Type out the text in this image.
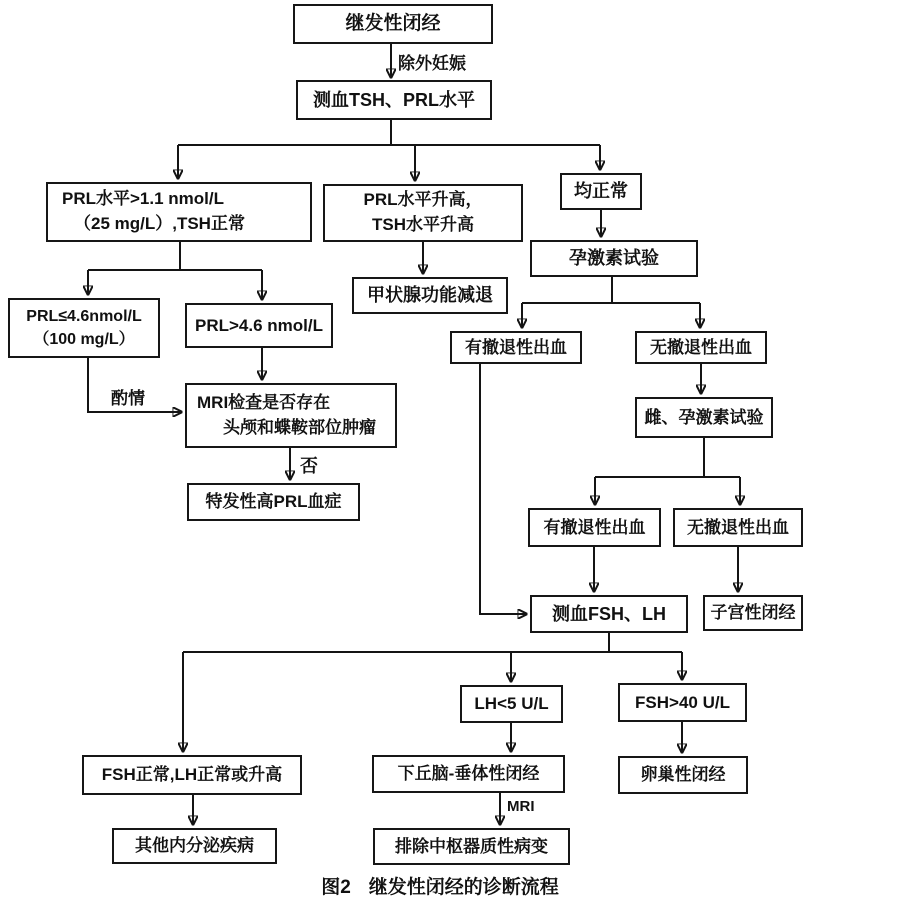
继发性闭经
测血TSH、PRL水平
PRL水平>1.1 nmol/L
（25 mg/L）,TSH正常
PRL水平升高，
TSH水平升高
均正常
甲状腺功能减退
孕激素试验
PRL≤4.6nmol/L
（100 mg/L）
PRL>4.6 nmol/L
MRI检查是否存在
头颅和蝶鞍部位肿瘤
特发性高PRL血症
有撤退性出血	无撤退性出血
雌、孕激素试验
有撤退性出血 无撤退性出血
测血FSH、LH	子宫性闭经
LH<5 U/L	FSH>40 U/L
FSH正常,LH正常或升高	下丘脑-垂体性闭经	卵巢性闭经
其他内分泌疾病	排除中枢器质性病变
除外妊娠
酌情
否
MRI
图2 继发性闭经的诊断流程
